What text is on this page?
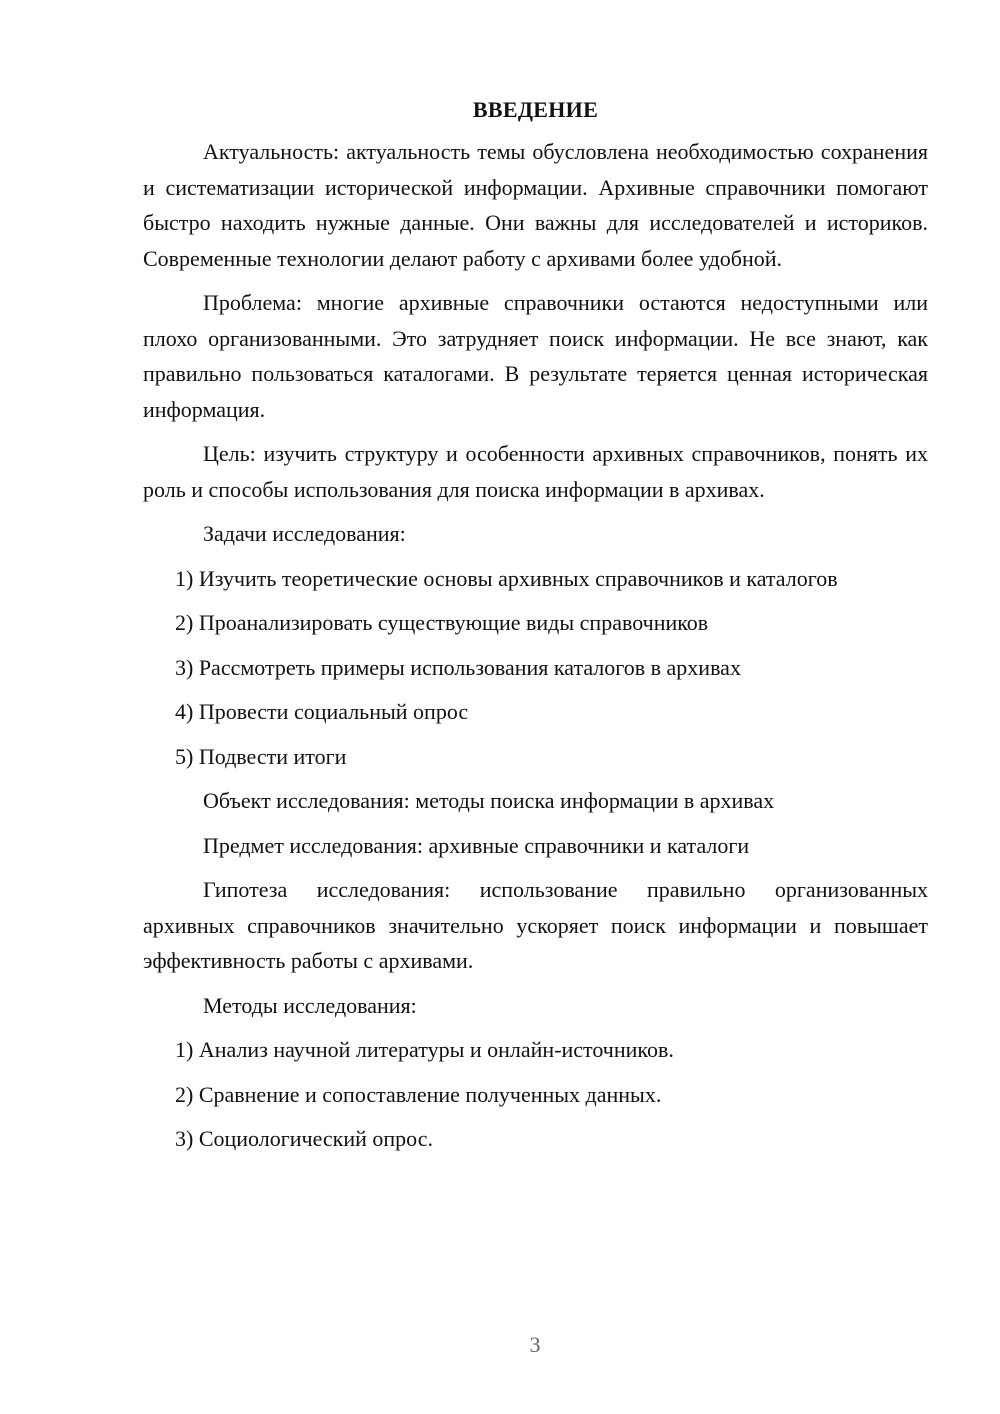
ВВЕДЕНИЕ

Актуальность: актуальность темы обусловлена необходимостью сохранения и систематизации исторической информации. Архивные справочники помогают быстро находить нужные данные. Они важны для исследователей и историков. Современные технологии делают работу с архивами более удобной.

Проблема: многие архивные справочники остаются недоступными или плохо организованными. Это затрудняет поиск информации. Не все знают, как правильно пользоваться каталогами. В результате теряется ценная историческая информация.

Цель: изучить структуру и особенности архивных справочников, понять их роль и способы использования для поиска информации в архивах.

Задачи исследования:
1) Изучить теоретические основы архивных справочников и каталогов
2) Проанализировать существующие виды справочников
3) Рассмотреть примеры использования каталогов в архивах
4) Провести социальный опрос
5) Подвести итоги
Объект исследования: методы поиска информации в архивах
Предмет исследования: архивные справочники и каталоги

Гипотеза исследования: использование правильно организованных архивных справочников значительно ускоряет поиск информации и повышает эффективность работы с архивами.

Методы исследования:
1) Анализ научной литературы и онлайн-источников.
2) Сравнение и сопоставление полученных данных.
3) Социологический опрос.
3
